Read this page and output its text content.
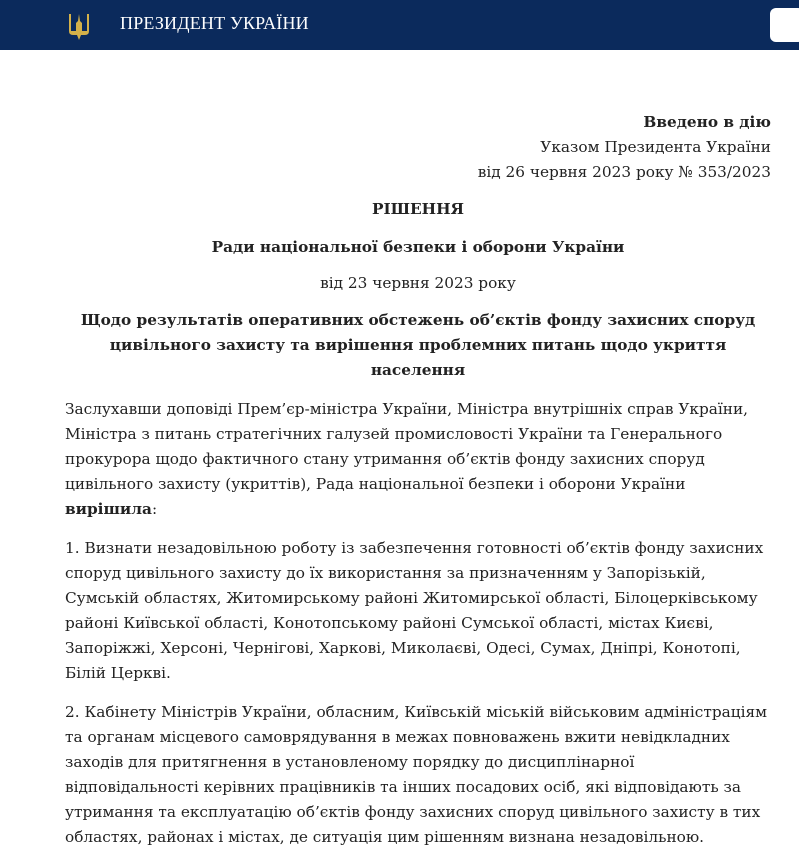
ПРЕЗИДЕНТ УКРАЇНИ
Введено в дію
Указом Президента України
від 26 червня 2023 року № 353/2023
РІШЕННЯ
Ради національної безпеки і оборони України
від 23 червня 2023 року
Щодо результатів оперативних обстежень об’єктів фонду захисних споруд цивільного захисту та вирішення проблемних питань щодо укриття населення

Заслухавши доповіді Прем’єр-міністра України, Міністра внутрішніх справ України, Міністра з питань стратегічних галузей промисловості України та Генерального прокурора щодо фактичного стану утримання об’єктів фонду захисних споруд цивільного захисту (укриттів), Рада національної безпеки і оборони України вирішила:

1. Визнати незадовільною роботу із забезпечення готовності об’єктів фонду захисних споруд цивільного захисту до їх використання за призначенням у Запорізькій, Сумській областях, Житомирському районі Житомирської області, Білоцерківському районі Київської області, Конотопському районі Сумської області, містах Києві, Запоріжжі, Херсоні, Чернігові, Харкові, Миколаєві, Одесі, Сумах, Дніпрі, Конотопі, Білій Церкві.

2. Кабінету Міністрів України, обласним, Київській міській військовим адміністраціям та органам місцевого самоврядування в межах повноважень вжити невідкладних заходів для притягнення в установленому порядку до дисциплінарної відповідальності керівних працівників та інших посадових осіб, які відповідають за утримання та експлуатацію об’єктів фонду захисних споруд цивільного захисту в тих областях, районах і містах, де ситуація цим рішенням визнана незадовільною.
